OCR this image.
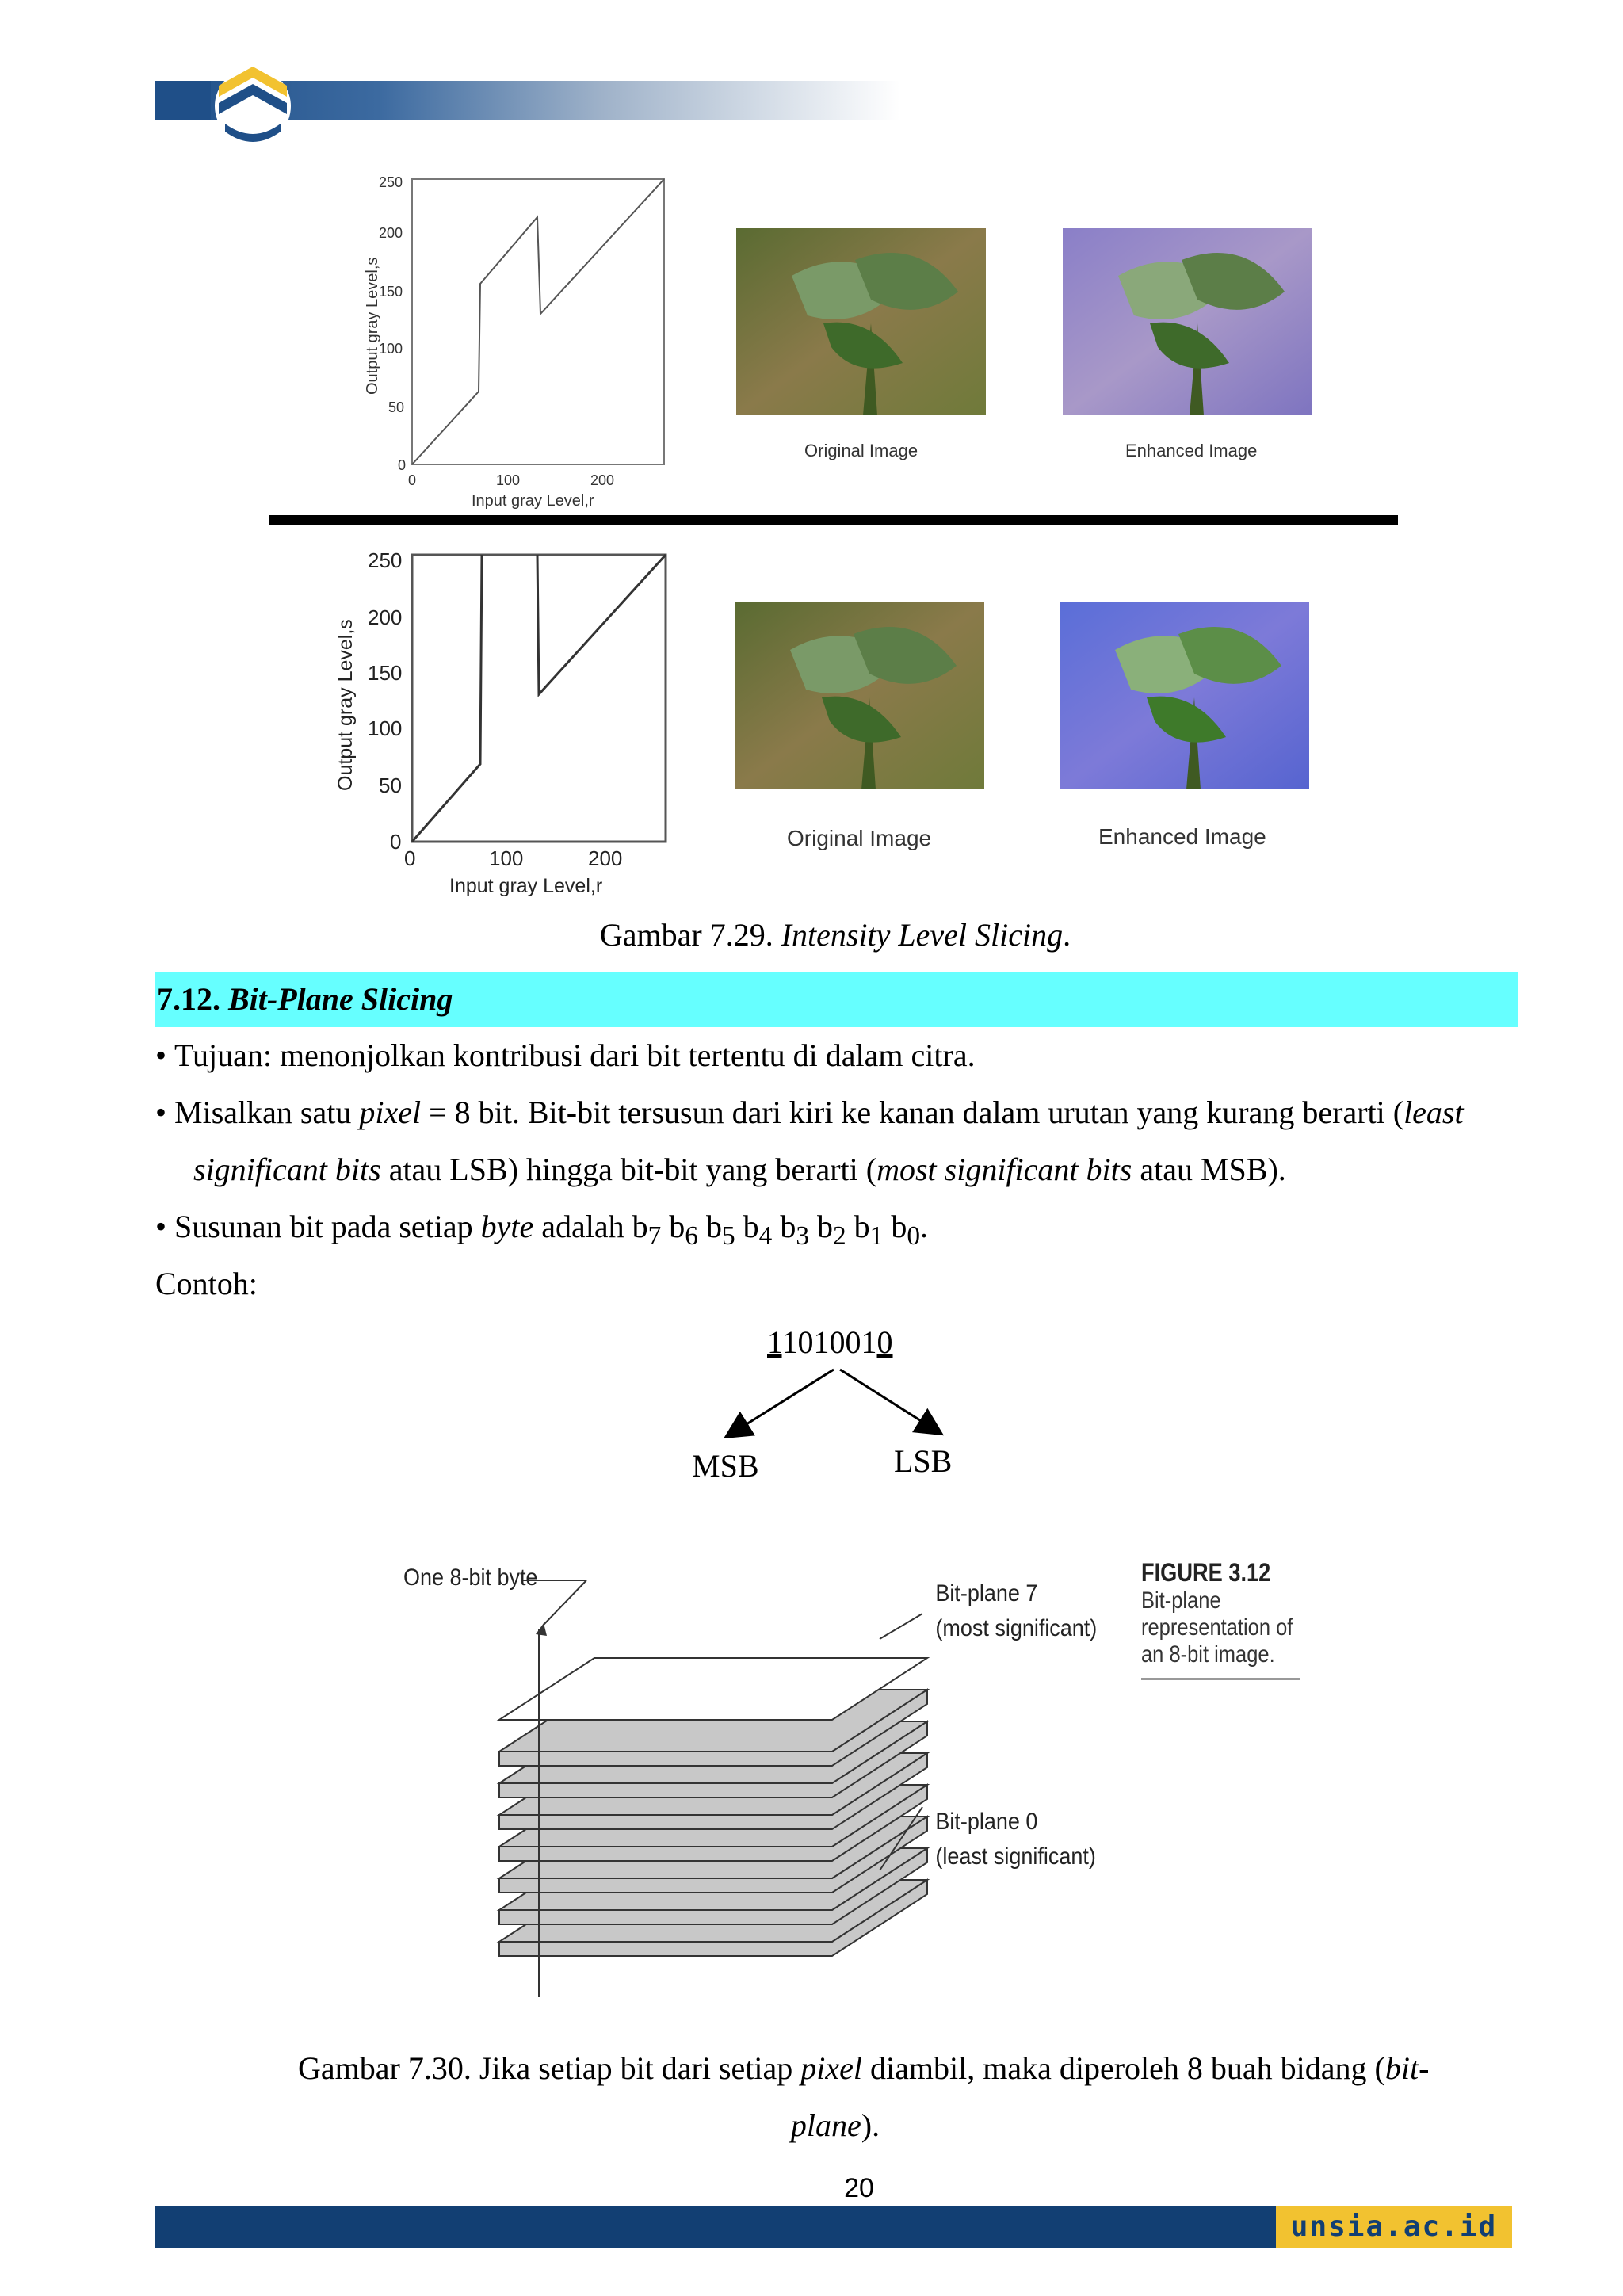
Output gray Level,s
250
200
150
100
50
0
0	100	200
Input gray Level,r
Original Image	Enhanced Image
Output gray Level,s
250
200
150
100
50
0
0	100	200
Input gray Level,r
Original Image	Enhanced Image
Gambar 7.29. Intensity Level Slicing.
7.12. Bit-Plane Slicing
• Tujuan: menonjolkan kontribusi dari bit tertentu di dalam citra.
• Misalkan satu pixel = 8 bit. Bit-bit tersusun dari kiri ke kanan dalam urutan yang kurang berarti (least
significant bits atau LSB) hingga bit-bit yang berarti (most significant bits atau MSB).
• Susunan bit pada setiap byte adalah $b_7$ $b_6$ $b_5$ $b_4$ $b_3$ $b_2$ $b_1$ $b_0$.
Contoh:
11010010
MSB	LSB
One 8-bit byte
Bit-plane 7
(most significant)
Bit-plane 0
(least significant)
FIGURE 3.12
Bit-plane
representation of
an 8-bit image.
Gambar 7.30. Jika setiap bit dari setiap pixel diambil, maka diperoleh 8 buah bidang (bit-
plane).
20
unsia.ac.id
